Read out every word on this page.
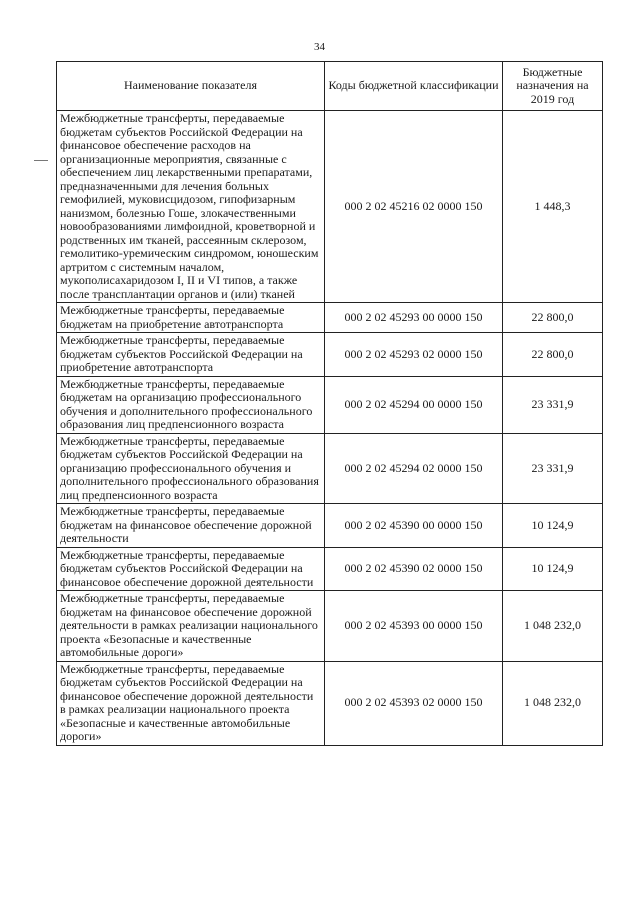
34
Наименование показателя	Коды бюджетной классификации	Бюджетные назначения на 2019 год
Межбюджетные трансферты, передаваемые бюджетам субъектов Российской Федерации на финансовое обеспечение расходов на организационные мероприятия, связанные с обеспечением лиц лекарственными препаратами, предназначенными для лечения больных гемофилией, муковисцидозом, гипофизарным нанизмом, болезнью Гоше, злокачественными новообразованиями лимфоидной, кроветворной и родственных им тканей, рассеянным склерозом, гемолитико-уремическим синдромом, юношеским артритом с системным началом, мукополисахаридозом I, II и VI типов, а также после трансплантации органов и (или) тканей	000 2 02 45216 02 0000 150	1 448,3
Межбюджетные трансферты, передаваемые бюджетам на приобретение автотранспорта	000 2 02 45293 00 0000 150	22 800,0
Межбюджетные трансферты, передаваемые бюджетам субъектов Российской Федерации на приобретение автотранспорта	000 2 02 45293 02 0000 150	22 800,0
Межбюджетные трансферты, передаваемые бюджетам на организацию профессионального обучения и дополнительного профессионального образования лиц предпенсионного возраста	000 2 02 45294 00 0000 150	23 331,9
Межбюджетные трансферты, передаваемые бюджетам субъектов Российской Федерации на организацию профессионального обучения и дополнительного профессионального образования лиц предпенсионного возраста	000 2 02 45294 02 0000 150	23 331,9
Межбюджетные трансферты, передаваемые бюджетам на финансовое обеспечение дорожной деятельности	000 2 02 45390 00 0000 150	10 124,9
Межбюджетные трансферты, передаваемые бюджетам субъектов Российской Федерации на финансовое обеспечение дорожной деятельности	000 2 02 45390 02 0000 150	10 124,9
Межбюджетные трансферты, передаваемые бюджетам на финансовое обеспечение дорожной деятельности в рамках реализации национального проекта «Безопасные и качественные автомобильные дороги»	000 2 02 45393 00 0000 150	1 048 232,0
Межбюджетные трансферты, передаваемые бюджетам субъектов Российской Федерации на финансовое обеспечение дорожной деятельности в рамках реализации национального проекта «Безопасные и качественные автомобильные дороги»	000 2 02 45393 02 0000 150	1 048 232,0
